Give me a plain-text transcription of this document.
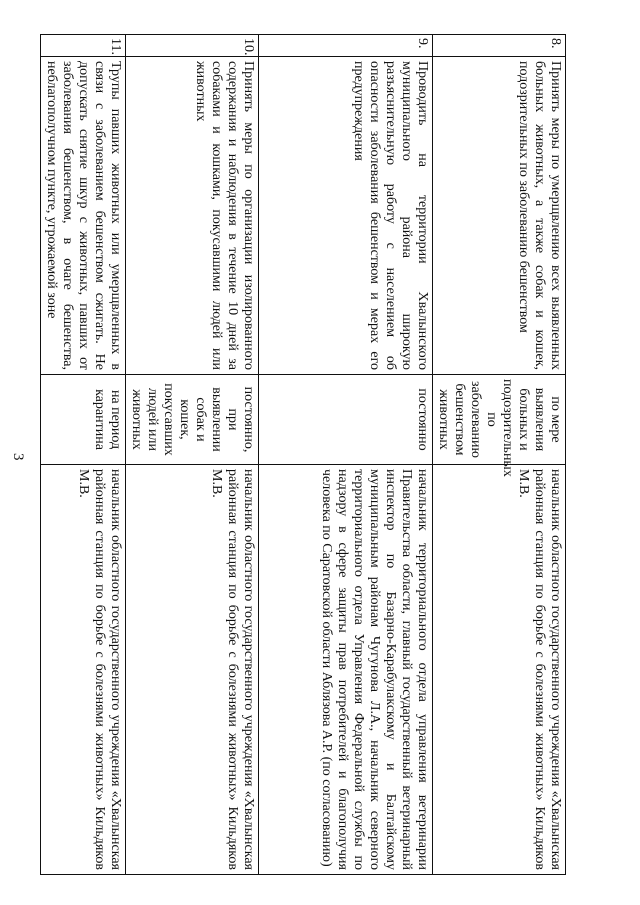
3
8.	Принять меры по умерщвлению всех выявленных больных животных, а также собак и кошек, подозрительных по заболеванию бешенством	по мере выявления больных и подозрительных по заболеванию бешенством животных	начальник областного государственного учреждения «Хвалынская районная станция по борьбе с болезнями животных» Кильдяков М.В.
9.	Проводить на территории Хвалынского муниципального района широкую разъяснительную работу с населением об опасности заболевания бешенством и мерах его предупреждения	постоянно	начальник территориального отдела управления ветеринарии Правительства области, главный государственный ветеринарный инспектор по Базарно-Карабулакскому и Балтайскому муниципальным районам Чугунова Л.А., начальник северного территориального отдела Управления Федеральной службы по надзору в сфере защиты прав потребителей и благополучия человека по Саратовской области Аблязова А.Р. (по согласованию)
10.	Принять меры по организации изолированного содержания и наблюдения в течение 10 дней за собаками и кошками, покусавшими людей или животных	постоянно, при выявлении собак и кошек, покусавших людей или животных	начальник областного государственного учреждения «Хвалынская районная станция по борьбе с болезнями животных» Кильдяков М.В.
11.	Трупы павших животных или умерщвленных в связи с заболеванием бешенством сжигать. Не допускать снятие шкур с животных, павших от заболевания бешенством, в очаге бешенства, неблагополучном пункте, угрожаемой зоне	на период карантина	начальник областного государственного учреждения «Хвалынская районная станция по борьбе с болезнями животных» Кильдяков М.В.
